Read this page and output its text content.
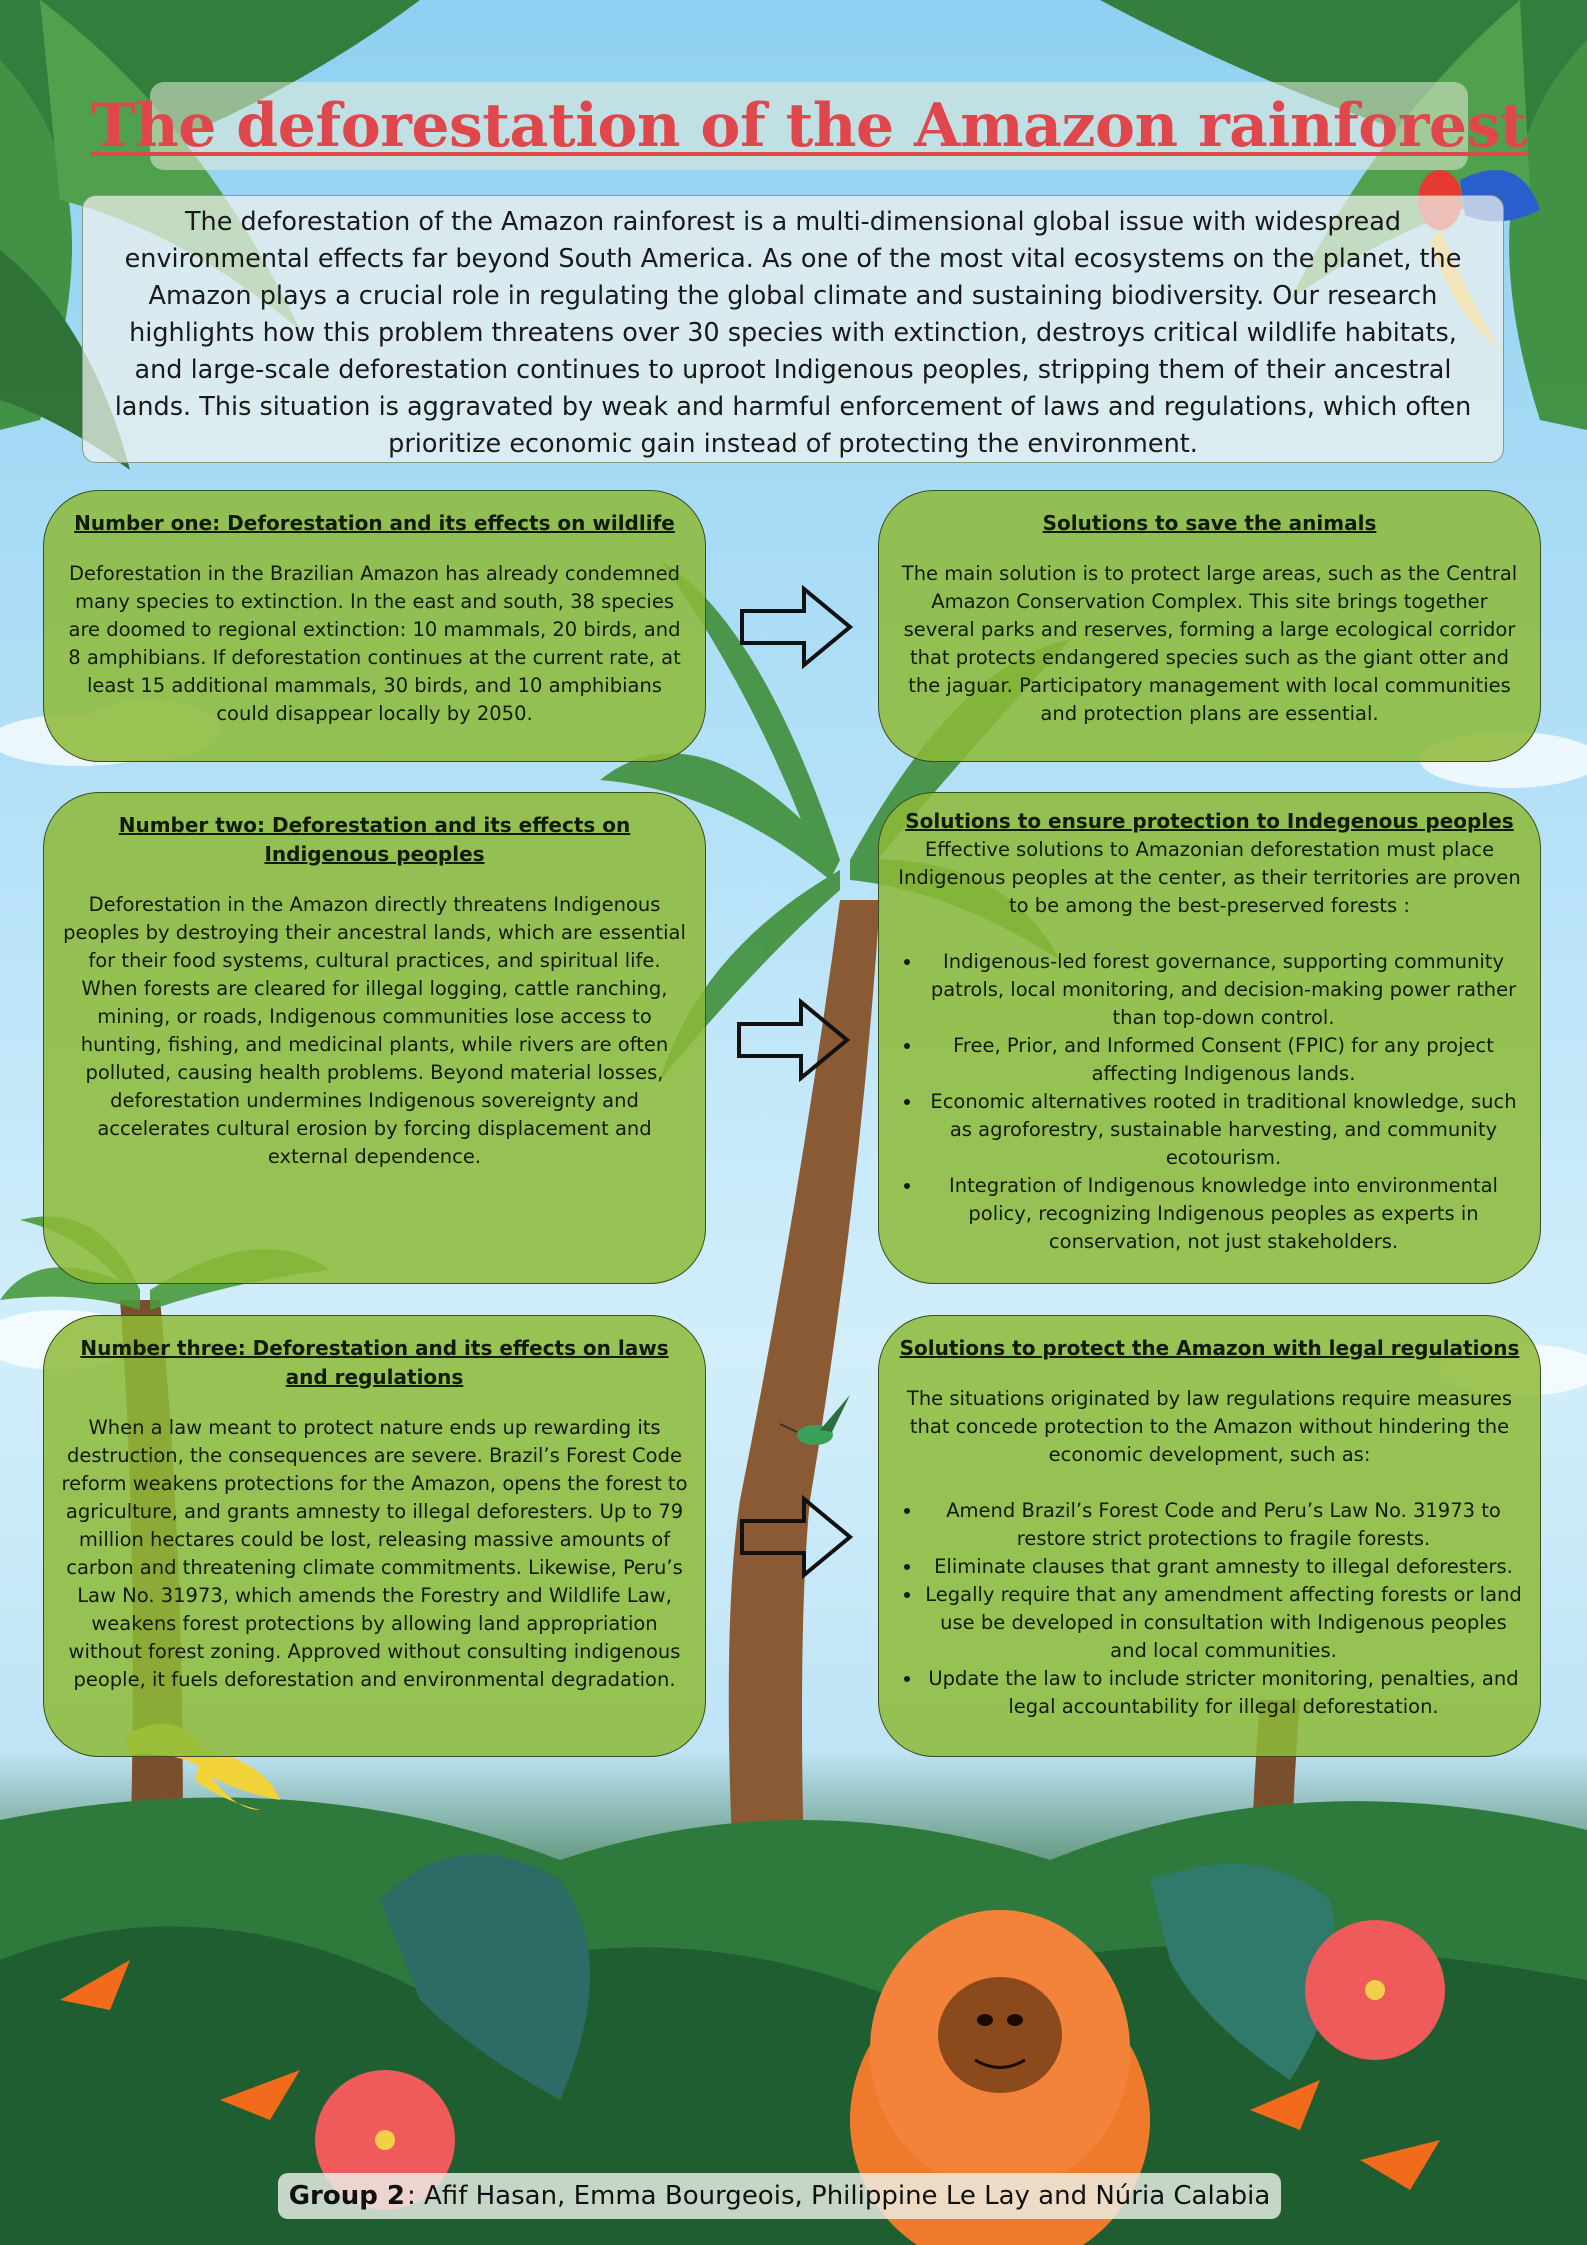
The deforestation of the Amazon rainforest
The deforestation of the Amazon rainforest is a multi-dimensional global issue with widespread environmental effects far beyond South America. As one of the most vital ecosystems on the planet, the Amazon plays a crucial role in regulating the global climate and sustaining biodiversity. Our research highlights how this problem threatens over 30 species with extinction, destroys critical wildlife habitats, and large-scale deforestation continues to uproot Indigenous peoples, stripping them of their ancestral lands. This situation is aggravated by weak and harmful enforcement of laws and regulations, which often prioritize economic gain instead of protecting the environment.
Number one: Deforestation and its effects on wildlife

Deforestation in the Brazilian Amazon has already condemned many species to extinction. In the east and south, 38 species are doomed to regional extinction: 10 mammals, 20 birds, and 8 amphibians. If deforestation continues at the current rate, at least 15 additional mammals, 30 birds, and 10 amphibians could disappear locally by 2050.

Number two: Deforestation and its effects on Indigenous peoples

Deforestation in the Amazon directly threatens Indigenous peoples by destroying their ancestral lands, which are essential for their food systems, cultural practices, and spiritual life. When forests are cleared for illegal logging, cattle ranching, mining, or roads, Indigenous communities lose access to hunting, fishing, and medicinal plants, while rivers are often polluted, causing health problems. Beyond material losses, deforestation undermines Indigenous sovereignty and accelerates cultural erosion by forcing displacement and external dependence.

Number three: Deforestation and its effects on laws and regulations

When a law meant to protect nature ends up rewarding its destruction, the consequences are severe. Brazil’s Forest Code reform weakens protections for the Amazon, opens the forest to agriculture, and grants amnesty to illegal deforesters. Up to 79 million hectares could be lost, releasing massive amounts of carbon and threatening climate commitments. Likewise, Peru’s Law No. 31973, which amends the Forestry and Wildlife Law, weakens forest protections by allowing land appropriation without forest zoning. Approved without consulting indigenous people, it fuels deforestation and environmental degradation.

Solutions to save the animals

The main solution is to protect large areas, such as the Central Amazon Conservation Complex. This site brings together several parks and reserves, forming a large ecological corridor that protects endangered species such as the giant otter and the jaguar. Participatory management with local communities and protection plans are essential.

Solutions to ensure protection to Indegenous peoples

Effective solutions to Amazonian deforestation must place Indigenous peoples at the center, as their territories are proven to be among the best-preserved forests :

• Indigenous-led forest governance, supporting community patrols, local monitoring, and decision-making power rather than top-down control.
• Free, Prior, and Informed Consent (FPIC) for any project affecting Indigenous lands.
• Economic alternatives rooted in traditional knowledge, such as agroforestry, sustainable harvesting, and community ecotourism.
• Integration of Indigenous knowledge into environmental policy, recognizing Indigenous peoples as experts in conservation, not just stakeholders.
Solutions to protect the Amazon with legal regulations

The situations originated by law regulations require measures that concede protection to the Amazon without hindering the economic development, such as:

• Amend Brazil’s Forest Code and Peru’s Law No. 31973 to restore strict protections to fragile forests.
• Eliminate clauses that grant amnesty to illegal deforesters.
• Legally require that any amendment affecting forests or land use be developed in consultation with Indigenous peoples and local communities.
• Update the law to include stricter monitoring, penalties, and legal accountability for illegal deforestation.
Group 2 : Afif Hasan, Emma Bourgeois, Philippine Le Lay and Núria Calabia
